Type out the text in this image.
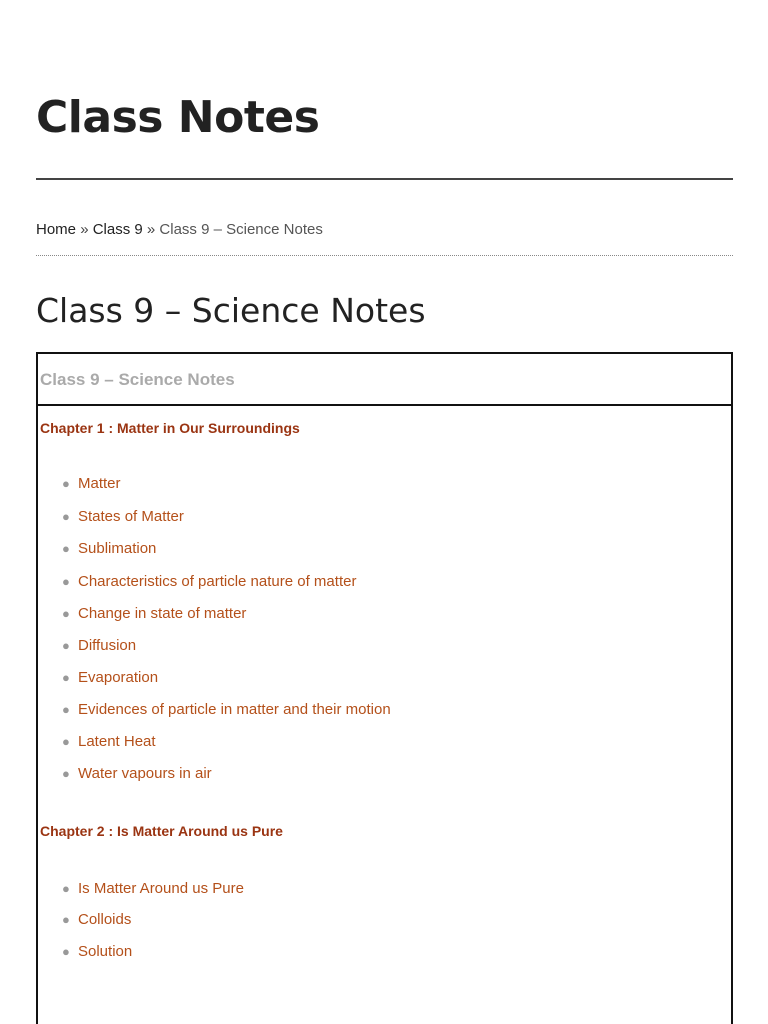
Class Notes
Home » Class 9 » Class 9 – Science Notes
Class 9 – Science Notes
Class 9 – Science Notes

Chapter 1 : Matter in Our Surroundings

● Matter
● States of Matter
● Sublimation
● Characteristics of particle nature of matter
● Change in state of matter
● Diffusion
● Evaporation
● Evidences of particle in matter and their motion
● Latent Heat
● Water vapours in air

Chapter 2 : Is Matter Around us Pure

● Is Matter Around us Pure
● Colloids
● Solution
